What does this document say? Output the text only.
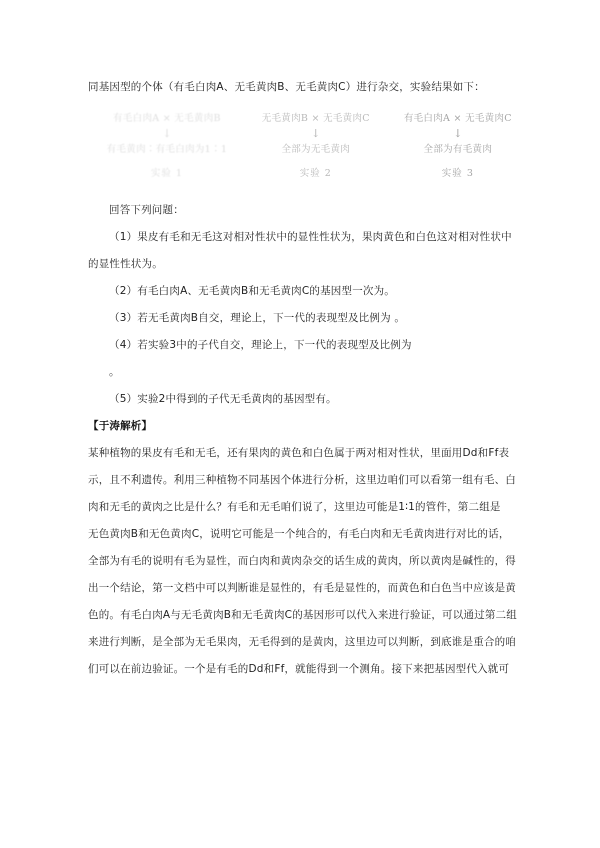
同基因型的个体（有毛白肉A、无毛黄肉B、无毛黄肉C）进行杂交，实验结果如下：

有毛白肉A × 无毛黄肉B
↓
有毛黄肉∶有毛白肉为1∶1
实验 1
无毛黄肉B × 无毛黄肉C
↓
全部为无毛黄肉
实验 2
有毛白肉A × 无毛黄肉C
↓
全部为有毛黄肉
实验 3

回答下列问题：

（1）果皮有毛和无毛这对相对性状中的显性性状为，果肉黄色和白色这对相对性状中

的显性性状为。

（2）有毛白肉A、无毛黄肉B和无毛黄肉C的基因型一次为。

（3）若无毛黄肉B自交，理论上，下一代的表现型及比例为 。

（4）若实验3中的子代自交，理论上，下一代的表现型及比例为

。

（5）实验2中得到的子代无毛黄肉的基因型有。

【于涛解析】

某种植物的果皮有毛和无毛，还有果肉的黄色和白色属于两对相对性状，里面用Dd和Ff表

示，且不利遗传。利用三种植物不同基因个体进行分析，这里边咱们可以看第一组有毛、白

肉和无毛的黄肉之比是什么？有毛和无毛咱们说了，这里边可能是1∶1的管件，第二组是

无色黄肉B和无色黄肉C，说明它可能是一个纯合的，有毛白肉和无毛黄肉进行对比的话，

全部为有毛的说明有毛为显性，而白肉和黄肉杂交的话生成的黄肉，所以黄肉是碱性的，得

出一个结论，第一文档中可以判断谁是显性的，有毛是显性的，而黄色和白色当中应该是黄

色的。有毛白肉A与无毛黄肉B和无毛黄肉C的基因形可以代入来进行验证，可以通过第二组

来进行判断，是全部为无毛果肉，无毛得到的是黄肉，这里边可以判断，到底谁是重合的咱

们可以在前边验证。一个是有毛的Dd和Ff，就能得到一个测角。接下来把基因型代入就可
